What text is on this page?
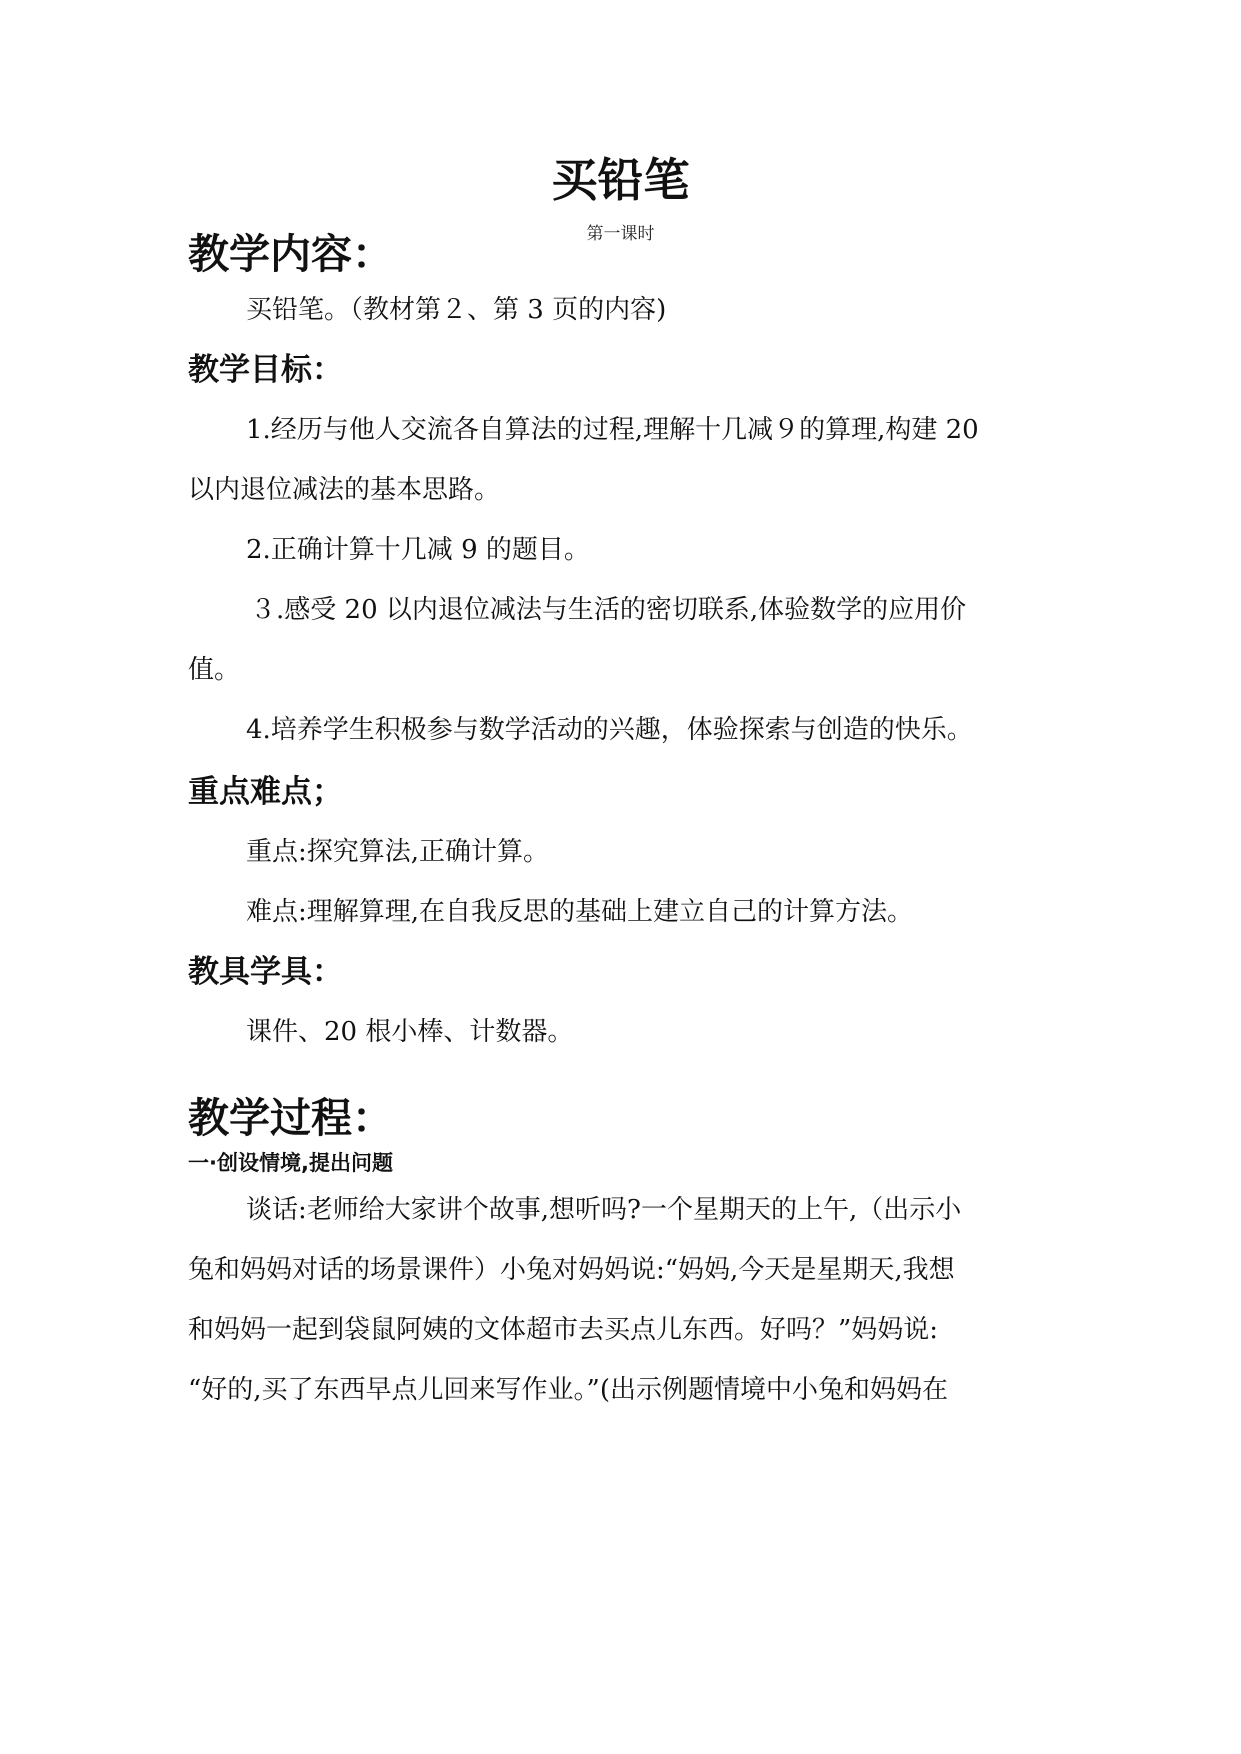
买铅笔
第一课时
教学内容：
买铅笔。（教材第２、第 3 页的内容)
教学目标：
1.经历与他人交流各自算法的过程,理解十几减９的算理,构建 20
以内退位减法的基本思路。
2.正确计算十几减 9 的题目。
３.感受 20 以内退位减法与生活的密切联系,体验数学的应用价
值。
4.培养学生积极参与数学活动的兴趣，体验探索与创造的快乐。
重点难点；
重点:探究算法,正确计算。
难点:理解算理,在自我反思的基础上建立自己的计算方法。
教具学具：
课件、20 根小棒、计数器。
教学过程：
一·创设情境,提出问题
谈话:老师给大家讲个故事,想听吗?一个星期天的上午,（出示小
兔和妈妈对话的场景课件）小兔对妈妈说:“妈妈,今天是星期天,我想
和妈妈一起到袋鼠阿姨的文体超市去买点儿东西。好吗？”妈妈说:
“好的,买了东西早点儿回来写作业。”(出示例题情境中小兔和妈妈在
